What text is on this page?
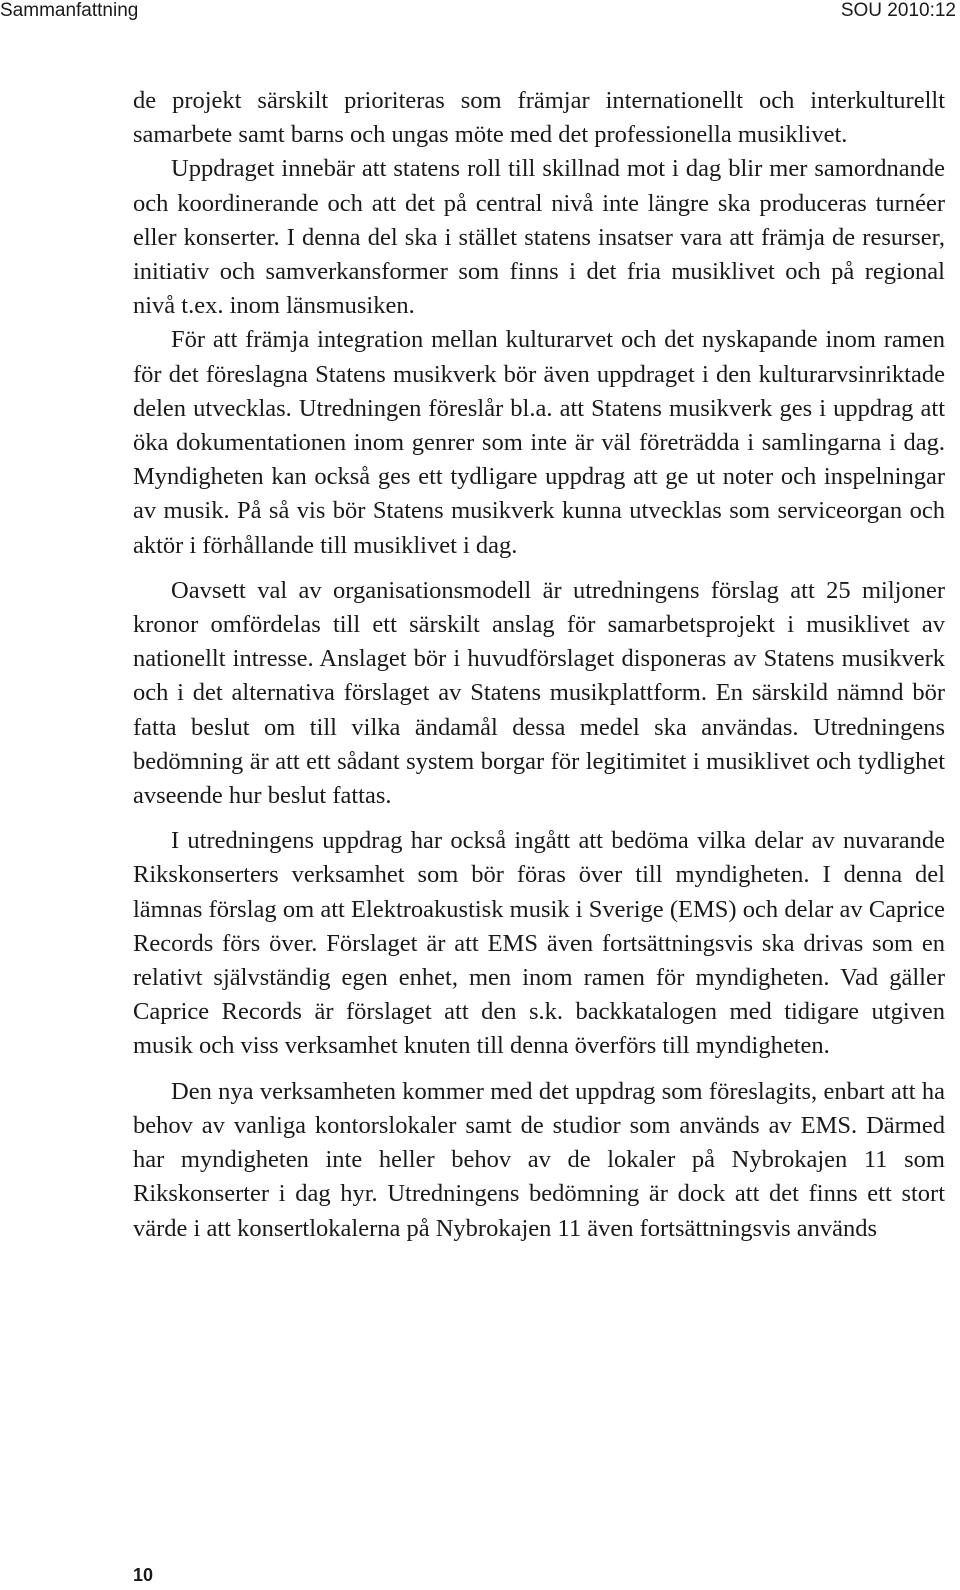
Sammanfattning	SOU 2010:12

de projekt särskilt prioriteras som främjar internationellt och interkulturellt samarbete samt barns och ungas möte med det professionella musiklivet.

Uppdraget innebär att statens roll till skillnad mot i dag blir mer samordnande och koordinerande och att det på central nivå inte längre ska produceras turnéer eller konserter. I denna del ska i stället statens insatser vara att främja de resurser, initiativ och samverkansformer som finns i det fria musiklivet och på regional nivå t.ex. inom länsmusiken.

För att främja integration mellan kulturarvet och det nyskapande inom ramen för det föreslagna Statens musikverk bör även uppdraget i den kulturarvsinriktade delen utvecklas. Utredningen föreslår bl.a. att Statens musikverk ges i uppdrag att öka dokumentationen inom genrer som inte är väl företrädda i samlingarna i dag. Myndigheten kan också ges ett tydligare uppdrag att ge ut noter och inspelningar av musik. På så vis bör Statens musikverk kunna utvecklas som serviceorgan och aktör i förhållande till musiklivet i dag.

Oavsett val av organisationsmodell är utredningens förslag att 25 miljoner kronor omfördelas till ett särskilt anslag för samarbetsprojekt i musiklivet av nationellt intresse. Anslaget bör i huvudförslaget disponeras av Statens musikverk och i det alternativa förslaget av Statens musikplattform. En särskild nämnd bör fatta beslut om till vilka ändamål dessa medel ska användas. Utredningens bedömning är att ett sådant system borgar för legitimitet i musiklivet och tydlighet avseende hur beslut fattas.

I utredningens uppdrag har också ingått att bedöma vilka delar av nuvarande Rikskonserters verksamhet som bör föras över till myndigheten. I denna del lämnas förslag om att Elektroakustisk musik i Sverige (EMS) och delar av Caprice Records förs över. Förslaget är att EMS även fortsättningsvis ska drivas som en relativt självständig egen enhet, men inom ramen för myndigheten. Vad gäller Caprice Records är förslaget att den s.k. backkatalogen med tidigare utgiven musik och viss verksamhet knuten till denna överförs till myndigheten.

Den nya verksamheten kommer med det uppdrag som föreslagits, enbart att ha behov av vanliga kontorslokaler samt de studior som används av EMS. Därmed har myndigheten inte heller behov av de lokaler på Nybrokajen 11 som Rikskonserter i dag hyr. Utredningens bedömning är dock att det finns ett stort värde i att konsertlokalerna på Nybrokajen 11 även fortsättningsvis används

10
